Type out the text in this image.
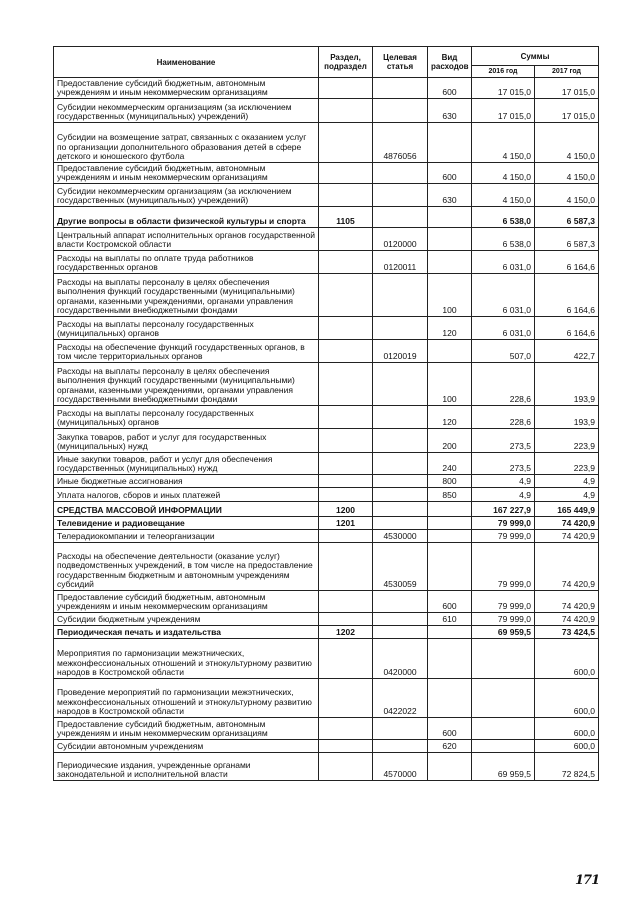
Наименование	Раздел, подраздел	Целевая статья	Вид расходов	Суммы	
				2016 год	2017 год
Предоставление субсидий бюджетным, автономным учреждениям и иным некоммерческим организациям			600	17 015,0	17 015,0
Субсидии некоммерческим организациям (за исключением государственных (муниципальных) учреждений)			630	17 015,0	17 015,0
Субсидии на возмещение затрат, связанных с оказанием услуг по организации дополнительного образования детей в сфере детского и юношеского футбола		4876056		4 150,0	4 150,0
Предоставление субсидий бюджетным, автономным учреждениям и иным некоммерческим организациям			600	4 150,0	4 150,0
Субсидии некоммерческим организациям (за исключением государственных (муниципальных) учреждений)			630	4 150,0	4 150,0
Другие вопросы в области физической культуры и спорта	1105			6 538,0	6 587,3
Центральный аппарат исполнительных органов государственной власти Костромской области		0120000		6 538,0	6 587,3
Расходы на выплаты по оплате труда работников государственных органов		0120011		6 031,0	6 164,6
Расходы на выплаты персоналу в целях обеспечения выполнения функций государственными (муниципальными) органами, казенными учреждениями, органами управления государственными внебюджетными фондами			100	6 031,0	6 164,6
Расходы на выплаты персоналу государственных (муниципальных) органов			120	6 031,0	6 164,6
Расходы на обеспечение функций государственных органов, в том числе территориальных органов		0120019		507,0	422,7
Расходы на выплаты персоналу в целях обеспечения выполнения функций государственными (муниципальными) органами, казенными учреждениями, органами управления государственными внебюджетными фондами			100	228,6	193,9
Расходы на выплаты персоналу государственных (муниципальных) органов			120	228,6	193,9
Закупка товаров, работ и услуг для государственных (муниципальных) нужд			200	273,5	223,9
Иные закупки товаров, работ и услуг для обеспечения государственных (муниципальных) нужд			240	273,5	223,9
Иные бюджетные ассигнования			800	4,9	4,9
Уплата налогов, сборов и иных платежей			850	4,9	4,9
СРЕДСТВА МАССОВОЙ ИНФОРМАЦИИ	1200			167 227,9	165 449,9
Телевидение и радиовещание	1201			79 999,0	74 420,9
Телерадиокомпании и телеорганизации		4530000		79 999,0	74 420,9
Расходы на обеспечение деятельности (оказание услуг) подведомственных учреждений, в том числе на предоставление государственным бюджетным и автономным учреждениям субсидий		4530059		79 999,0	74 420,9
Предоставление субсидий бюджетным, автономным учреждениям и иным некоммерческим организациям			600	79 999,0	74 420,9
Субсидии бюджетным учреждениям			610	79 999,0	74 420,9
Периодическая печать и издательства	1202			69 959,5	73 424,5
Мероприятия по гармонизации межэтнических, межконфессиональных отношений и этнокультурному развитию народов в Костромской области		0420000			600,0
Проведение мероприятий по гармонизации межэтнических, межконфессиональных отношений и этнокультурному развитию народов в Костромской области		0422022			600,0
Предоставление субсидий бюджетным, автономным учреждениям и иным некоммерческим организациям			600		600,0
Субсидии автономным учреждениям			620		600,0
Периодические издания, учрежденные органами законодательной и исполнительной власти		4570000		69 959,5	72 824,5
171
